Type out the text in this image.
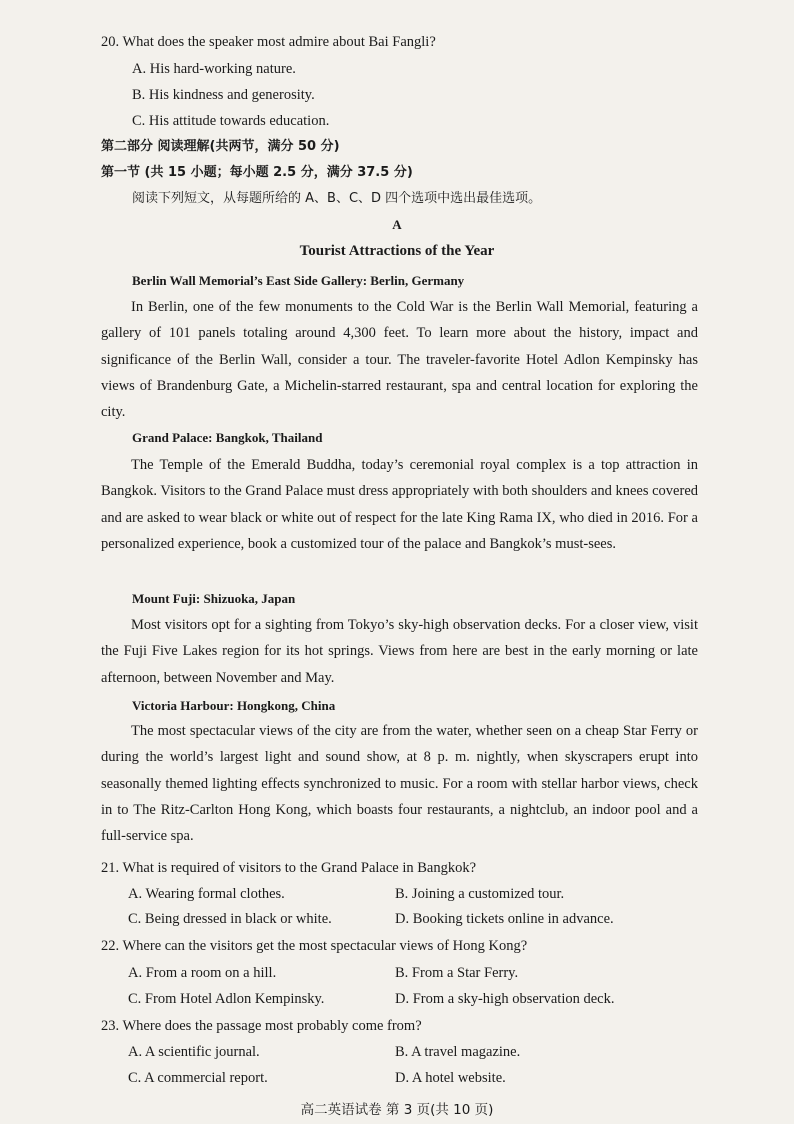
20. What does the speaker most admire about Bai Fangli?
A. His hard-working nature.
B. His kindness and generosity.
C. His attitude towards education.
第二部分 阅读理解(共两节，满分 50 分)
第一节 (共 15 小题；每小题 2.5 分，满分 37.5 分)
阅读下列短文，从每题所给的 A、B、C、D 四个选项中选出最佳选项。
A
Tourist Attractions of the Year
Berlin Wall Memorial’s East Side Gallery: Berlin, Germany
In Berlin, one of the few monuments to the Cold War is the Berlin Wall Memorial, featuring a gallery of 101 panels totaling around 4,300 feet. To learn more about the history, impact and significance of the Berlin Wall, consider a tour. The traveler-favorite Hotel Adlon Kempinsky has views of Brandenburg Gate, a Michelin-starred restaurant, spa and central location for exploring the city.
Grand Palace: Bangkok, Thailand
The Temple of the Emerald Buddha, today’s ceremonial royal complex is a top attraction in Bangkok. Visitors to the Grand Palace must dress appropriately with both shoulders and knees covered and are asked to wear black or white out of respect for the late King Rama IX, who died in 2016. For a personalized experience, book a customized tour of the palace and Bangkok’s must-sees.
Mount Fuji: Shizuoka, Japan
Most visitors opt for a sighting from Tokyo’s sky-high observation decks. For a closer view, visit the Fuji Five Lakes region for its hot springs. Views from here are best in the early morning or late afternoon, between November and May.
Victoria Harbour: Hongkong, China
The most spectacular views of the city are from the water, whether seen on a cheap Star Ferry or during the world’s largest light and sound show, at 8 p. m. nightly, when skyscrapers erupt into seasonally themed lighting effects synchronized to music. For a room with stellar harbor views, check in to The Ritz-Carlton Hong Kong, which boasts four restaurants, a nightclub, an indoor pool and a full-service spa.
21. What is required of visitors to the Grand Palace in Bangkok?
A. Wearing formal clothes.	B. Joining a customized tour.
C. Being dressed in black or white.	D. Booking tickets online in advance.
22. Where can the visitors get the most spectacular views of Hong Kong?
A. From a room on a hill.	B. From a Star Ferry.
C. From Hotel Adlon Kempinsky.	D. From a sky-high observation deck.
23. Where does the passage most probably come from?
A. A scientific journal.	B. A travel magazine.
C. A commercial report.	D. A hotel website.
高二英语试卷 第 3 页(共 10 页)
